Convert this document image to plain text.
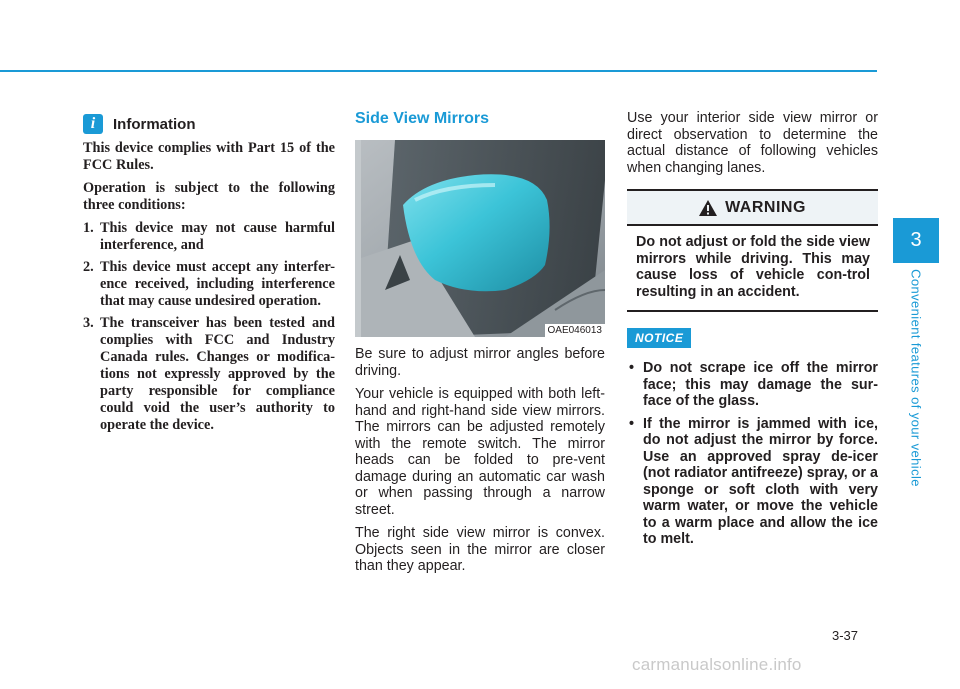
i	Information

This device complies with Part 15 of the FCC Rules.

Operation is subject to the following three conditions:

1. This device may not cause harmful interference, and
2. This device must accept any interfer-ence received, including interference that may cause undesired operation.
3. The transceiver has been tested and complies with FCC and Industry Canada rules. Changes or modifica-tions not expressly approved by the party responsible for compliance could void the user’s authority to operate the device.
Side View Mirrors
OAE046013

Be sure to adjust mirror angles before driving.

Your vehicle is equipped with both left-hand and right-hand side view mirrors. The mirrors can be adjusted remotely with the remote switch. The mirror heads can be folded to pre-vent damage during an automatic car wash or when passing through a narrow street.

The right side view mirror is convex. Objects seen in the mirror are closer than they appear.

Use your interior side view mirror or direct observation to determine the actual distance of following vehicles when changing lanes.
WARNING
Do not adjust or fold the side view mirrors while driving. This may cause loss of vehicle con-trol resulting in an accident.
NOTICE
• Do not scrape ice off the mirror face; this may damage the sur-face of the glass.
• If the mirror is jammed with ice, do not adjust the mirror by force. Use an approved spray de-icer (not radiator antifreeze) spray, or a sponge or soft cloth with very warm water, or move the vehicle to a warm place and allow the ice to melt.
3
Convenient features of your vehicle
3-37
carmanualsonline.info
